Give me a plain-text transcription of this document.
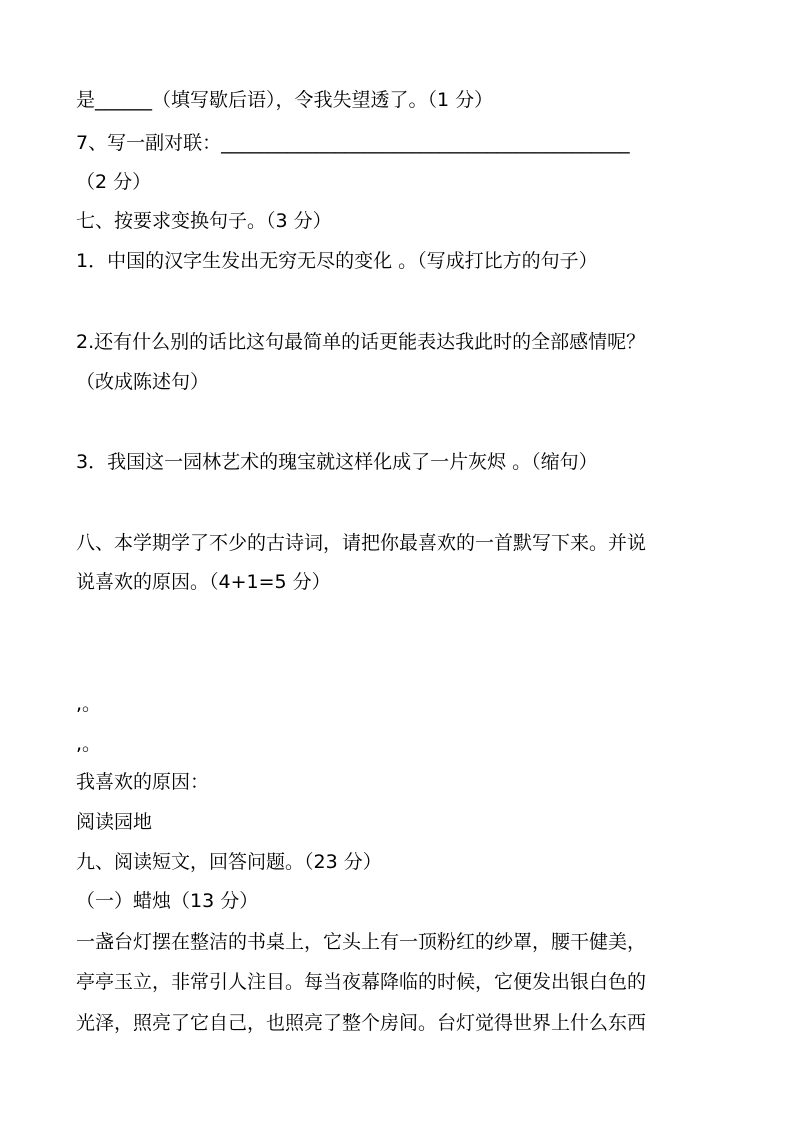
是______（填写歇后语），令我失望透了。（1 分）
7、写一副对联：___________________________________________
（2 分）
七、按要求变换句子。（3 分）
1．中国的汉字生发出无穷无尽的变化 。（写成打比方的句子）
2.还有什么别的话比这句最简单的话更能表达我此时的全部感情呢？
（改成陈述句）
3．我国这一园林艺术的瑰宝就这样化成了一片灰烬 。（缩句）
八、本学期学了不少的古诗词，请把你最喜欢的一首默写下来。并说
说喜欢的原因。（4+1=5 分）
,。
,。
我喜欢的原因：
阅读园地
九、阅读短文，回答问题。（23 分）
（一）蜡烛（13 分）
一盏台灯摆在整洁的书桌上，它头上有一顶粉红的纱罩，腰干健美，
亭亭玉立，非常引人注目。每当夜幕降临的时候，它便发出银白色的
光泽，照亮了它自己，也照亮了整个房间。台灯觉得世界上什么东西
